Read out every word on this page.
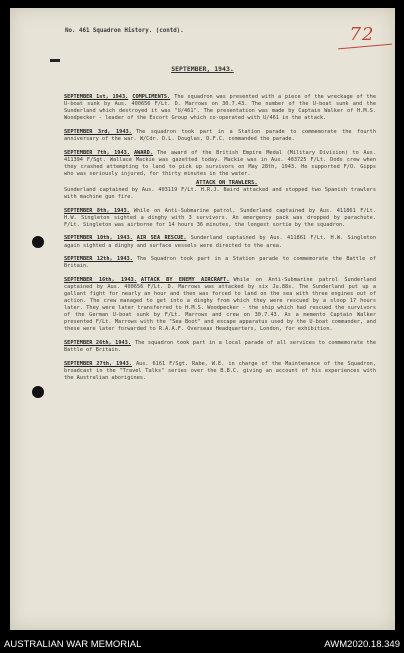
No. 461 Squadron History. (contd).	72
SEPTEMBER, 1943.
SEPTEMBER 1st, 1943. COMPLIMENTS. The squadron was presented with a piece of the wreckage of the U-boat sunk by Aus. 400656 F/Lt. D. Marrows on 30.7.43. The number of the U-boat sunk and the Sunderland which destroyed it was "U/461". The presentation was made by Captain Walker of H.M.S. Woodpecker - leader of the Escort Group which co-operated with U/461 in the attack.
SEPTEMBER 3rd, 1943. The squadron took part in a Station parade to commemorate the fourth anniversary of the war. W/Cdr. D.L. Douglas, D.F.C. commanded the parade.
SEPTEMBER 7th, 1943. AWARD. The award of the British Empire Medal (Military Division) to Aus. 411394 F/Sgt. Wallace Mackie was gazetted today. Mackie was in Aus. 403725 F/Lt. Dods crew when they crashed attempting to land to pick up survivors on May 28th, 1943. He supported F/O. Gipps who was seriously injured, for thirty minutes in the water.
ATTACK ON TRAWLERS.
Sunderland captained by Aus. 403119 F/Lt. H.R.J. Baird attacked and stopped two Spanish trawlers with machine gun fire.
SEPTEMBER 8th, 1943. While on Anti-Submarine patrol, Sunderland captained by Aus. 411861 F/Lt. H.W. Singleton sighted a dinghy with 3 survivors. An emergency pack was dropped by parachute. F/Lt. Singleton was airborne for 14 hours 36 minutes, the longest sortie by the squadron.
SEPTEMBER 10th, 1943. AIR SEA RESCUE. Sunderland captained by Aus. 411861 F/Lt. H.W. Singleton again sighted a dinghy and surface vessels were directed to the area.
SEPTEMBER 12th, 1943. The Squadron took part in a Station parade to commemorate the Battle of Britain.
SEPTEMBER 16th, 1943. ATTACK BY ENEMY AIRCRAFT. While on Anti-Submarine patrol Sunderland captained by Aus. 400656 F/Lt. D. Marrows was attacked by six Ju.88s. The Sunderland put up a gallant fight for nearly an hour and then was forced to land on the sea with three engines out of action. The crew managed to get into a dinghy from which they were rescued by a sloop 17 hours later. They were later transferred to H.M.S. Woodpecker - the ship which had rescued the survivors of the German U-boat sunk by F/Lt. Marrows and crew on 30.7.43. As a memento Captain Walker presented F/Lt. Marrows with the "Sea Boot" and escape apparatus used by the U-boat commander, and these were later forwarded to R.A.A.F. Overseas Headquarters, London, for exhibition.
SEPTEMBER 26th, 1943. The squadron took part in a local parade of all services to commemorate the Battle of Britain.
SEPTEMBER 27th, 1943. Aus. 6161 F/Sgt. Rabe, W.E. in charge of the Maintenance of the Squadron, broadcast in the "Travel Talks" series over the B.B.C. giving an account of his experiences with the Australian aborigines.
AUSTRALIAN WAR MEMORIAL	AWM2020.18.349
